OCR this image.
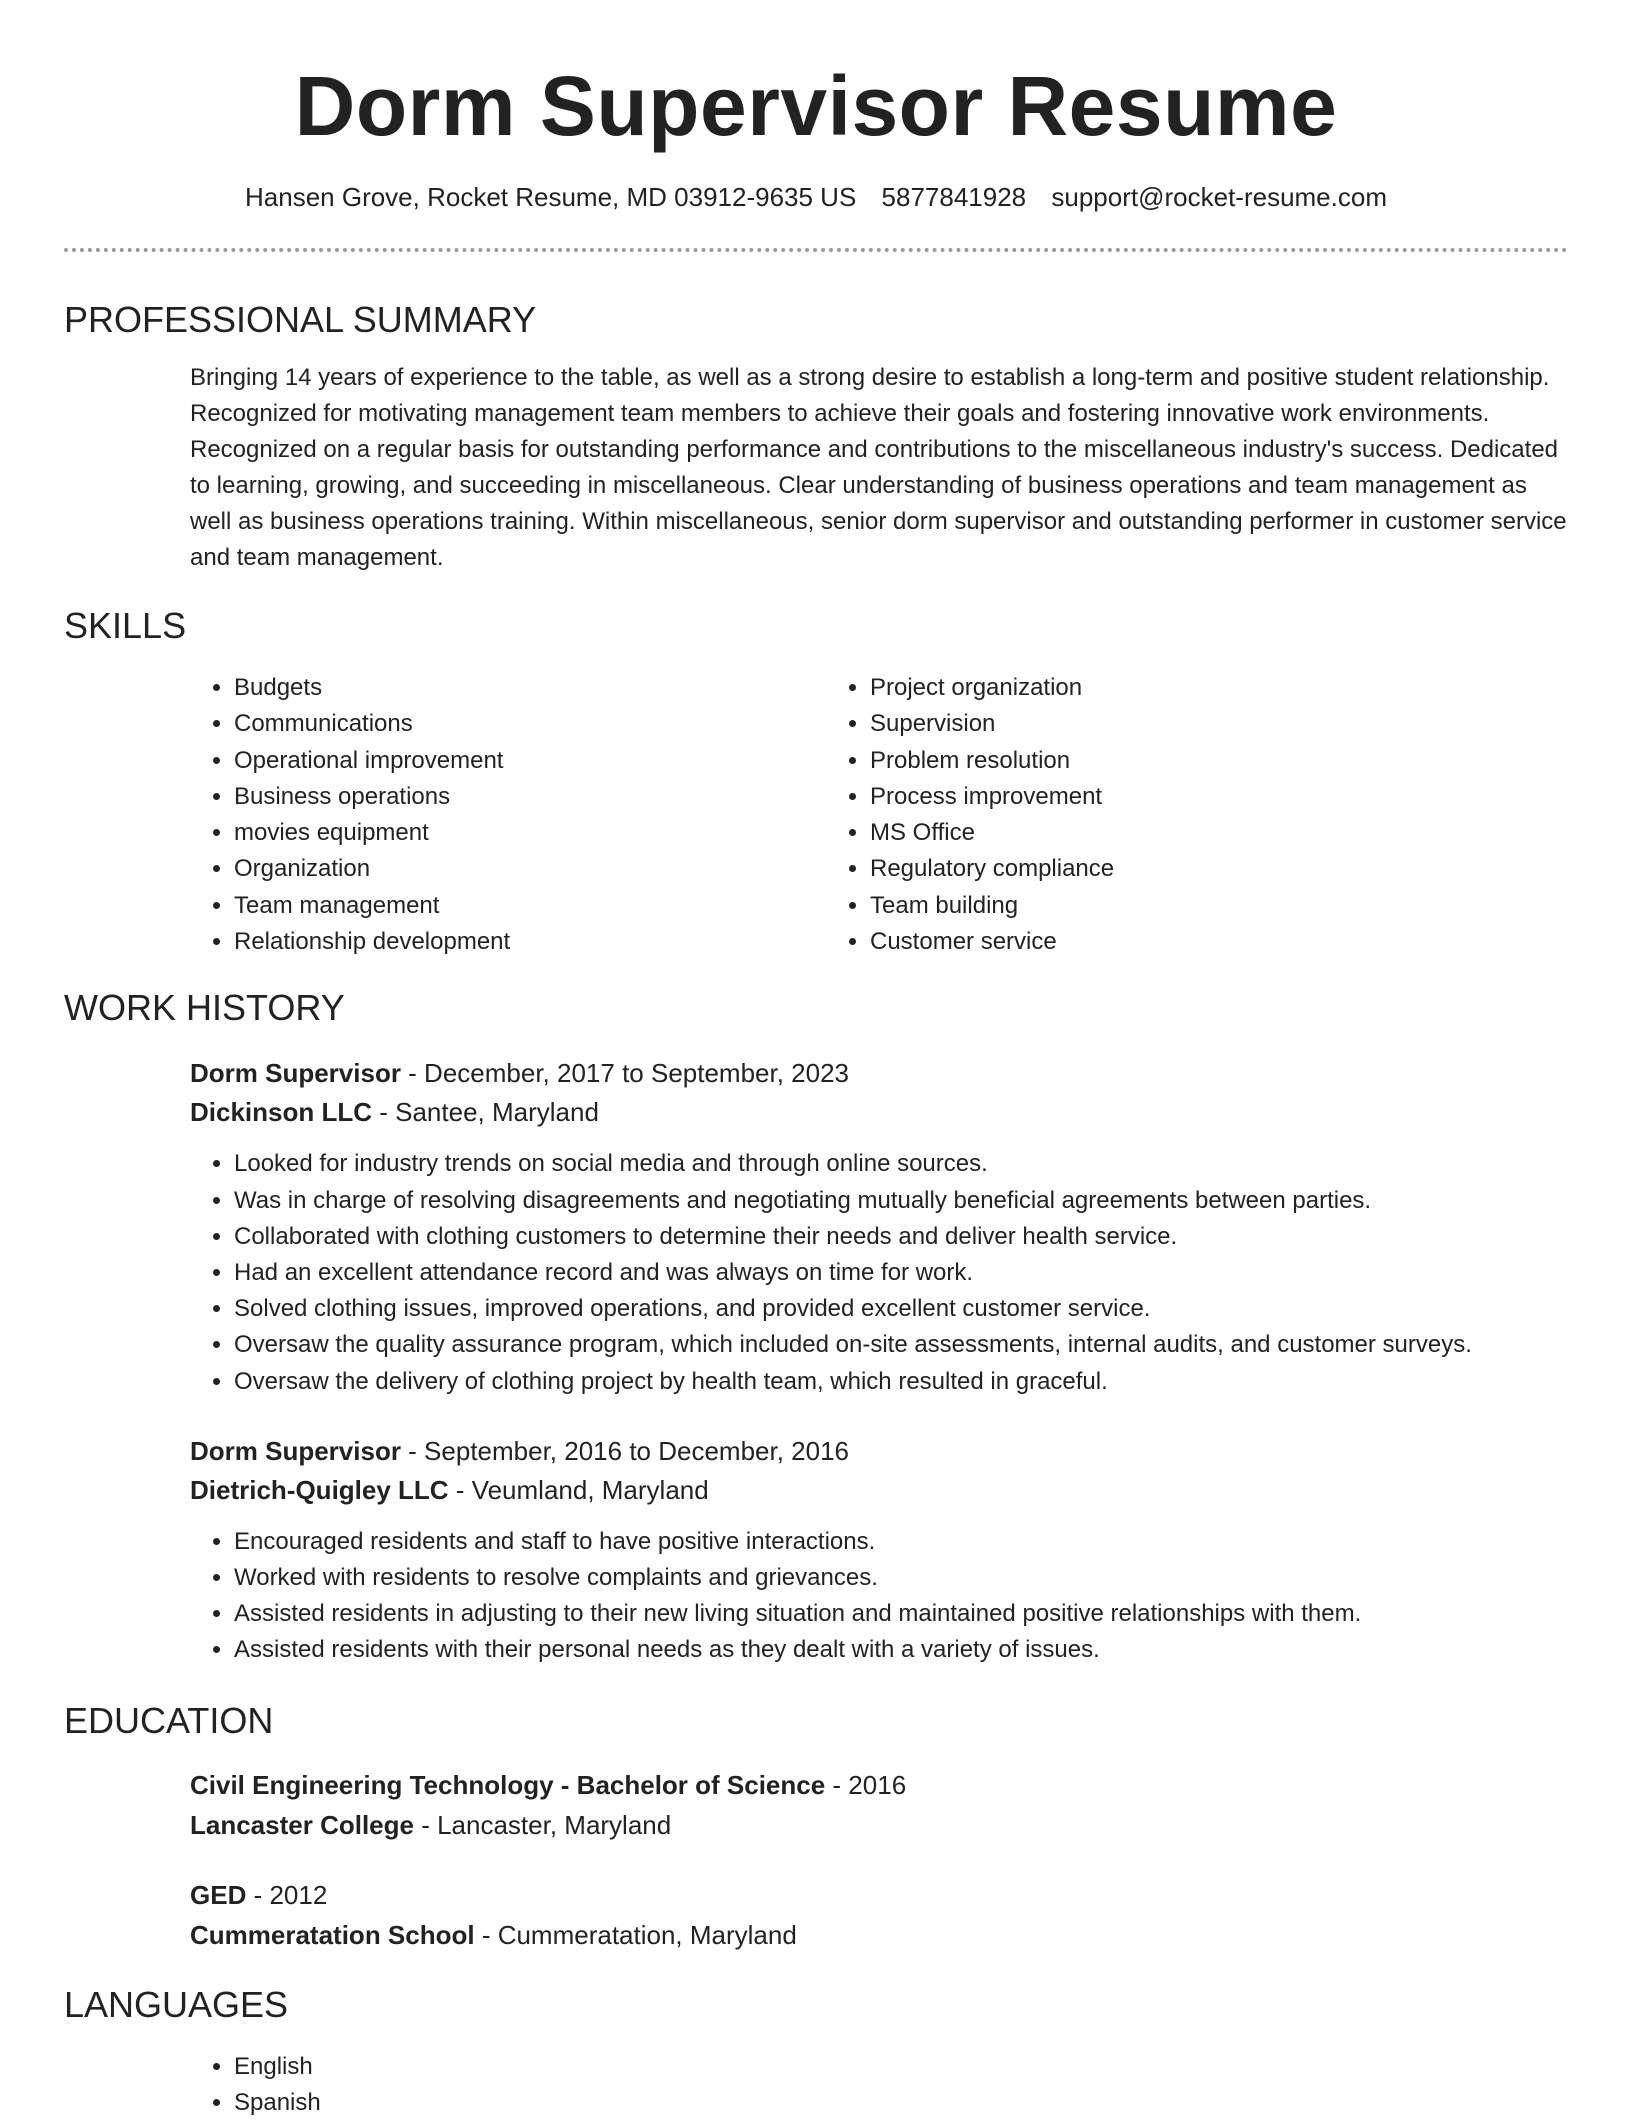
Dorm Supervisor Resume
Hansen Grove, Rocket Resume, MD 03912-9635 US 5877841928 support@rocket-resume.com
PROFESSIONAL SUMMARY

Bringing 14 years of experience to the table, as well as a strong desire to establish a long-term and positive student relationship. Recognized for motivating management team members to achieve their goals and fostering innovative work environments. Recognized on a regular basis for outstanding performance and contributions to the miscellaneous industry's success. Dedicated to learning, growing, and succeeding in miscellaneous. Clear understanding of business operations and team management as well as business operations training. Within miscellaneous, senior dorm supervisor and outstanding performer in customer service and team management.

SKILLS
• Budgets
• Communications
• Operational improvement
• Business operations
• movies equipment
• Organization
• Team management
• Relationship development
• Project organization
• Supervision
• Problem resolution
• Process improvement
• MS Office
• Regulatory compliance
• Team building
• Customer service
WORK HISTORY
Dorm Supervisor - December, 2017 to September, 2023
Dickinson LLC - Santee, Maryland
• Looked for industry trends on social media and through online sources.
• Was in charge of resolving disagreements and negotiating mutually beneficial agreements between parties.
• Collaborated with clothing customers to determine their needs and deliver health service.
• Had an excellent attendance record and was always on time for work.
• Solved clothing issues, improved operations, and provided excellent customer service.
• Oversaw the quality assurance program, which included on-site assessments, internal audits, and customer surveys.
• Oversaw the delivery of clothing project by health team, which resulted in graceful.
Dorm Supervisor - September, 2016 to December, 2016
Dietrich-Quigley LLC - Veumland, Maryland
• Encouraged residents and staff to have positive interactions.
• Worked with residents to resolve complaints and grievances.
• Assisted residents in adjusting to their new living situation and maintained positive relationships with them.
• Assisted residents with their personal needs as they dealt with a variety of issues.
EDUCATION
Civil Engineering Technology - Bachelor of Science - 2016
Lancaster College - Lancaster, Maryland
GED - 2012
Cummeratation School - Cummeratation, Maryland
LANGUAGES
• English
• Spanish
